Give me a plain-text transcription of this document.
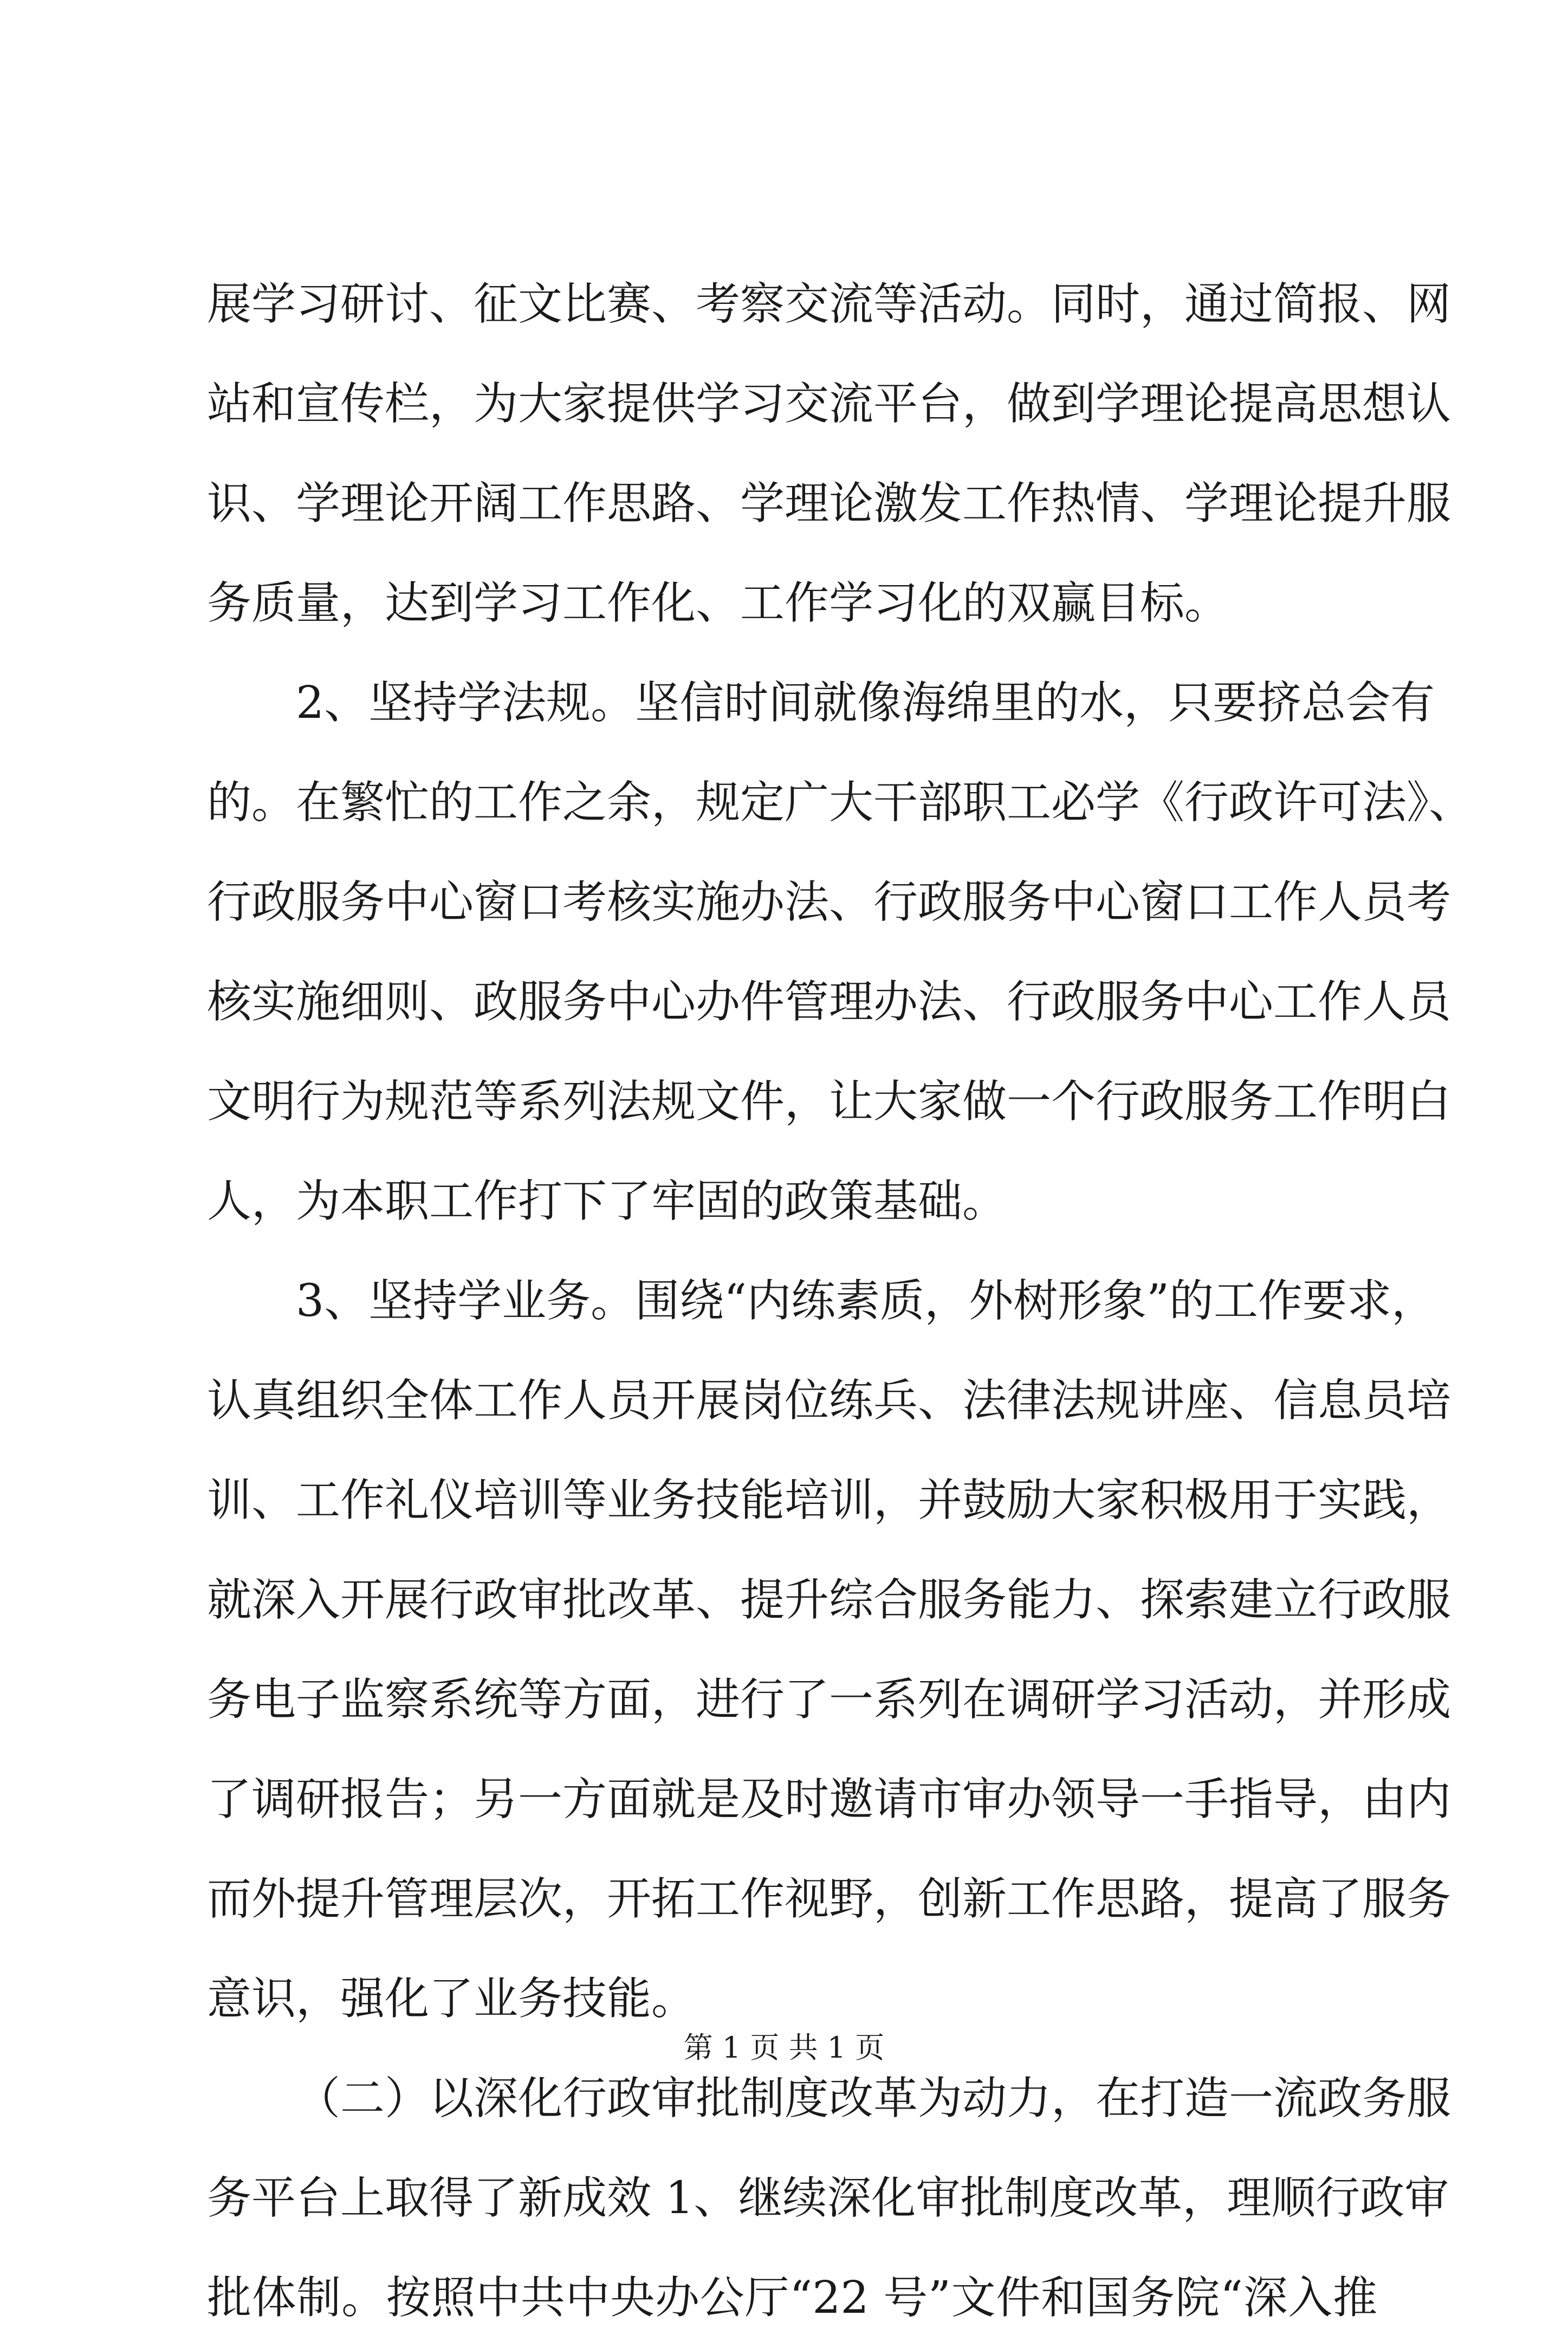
展学习研讨、征文比赛、考察交流等活动。同时，通过简报、网
站和宣传栏，为大家提供学习交流平台，做到学理论提高思想认
识、学理论开阔工作思路、学理论激发工作热情、学理论提升服
务质量，达到学习工作化、工作学习化的双赢目标。
2、坚持学法规。坚信时间就像海绵里的水，只要挤总会有
的。在繁忙的工作之余，规定广大干部职工必学《行政许可法》、
行政服务中心窗口考核实施办法、行政服务中心窗口工作人员考
核实施细则、政服务中心办件管理办法、行政服务中心工作人员
文明行为规范等系列法规文件，让大家做一个行政服务工作明白
人，为本职工作打下了牢固的政策基础。
3、坚持学业务。围绕“内练素质，外树形象”的工作要求，
认真组织全体工作人员开展岗位练兵、法律法规讲座、信息员培
训、工作礼仪培训等业务技能培训，并鼓励大家积极用于实践，
就深入开展行政审批改革、提升综合服务能力、探索建立行政服
务电子监察系统等方面，进行了一系列在调研学习活动，并形成
了调研报告；另一方面就是及时邀请市审办领导一手指导，由内
而外提升管理层次，开拓工作视野，创新工作思路，提高了服务
意识，强化了业务技能。
（二）以深化行政审批制度改革为动力，在打造一流政务服
务平台上取得了新成效 1、继续深化审批制度改革，理顺行政审
批体制。按照中共中央办公厅“22 号”文件和国务院“深入推
第 1 页 共 1 页
